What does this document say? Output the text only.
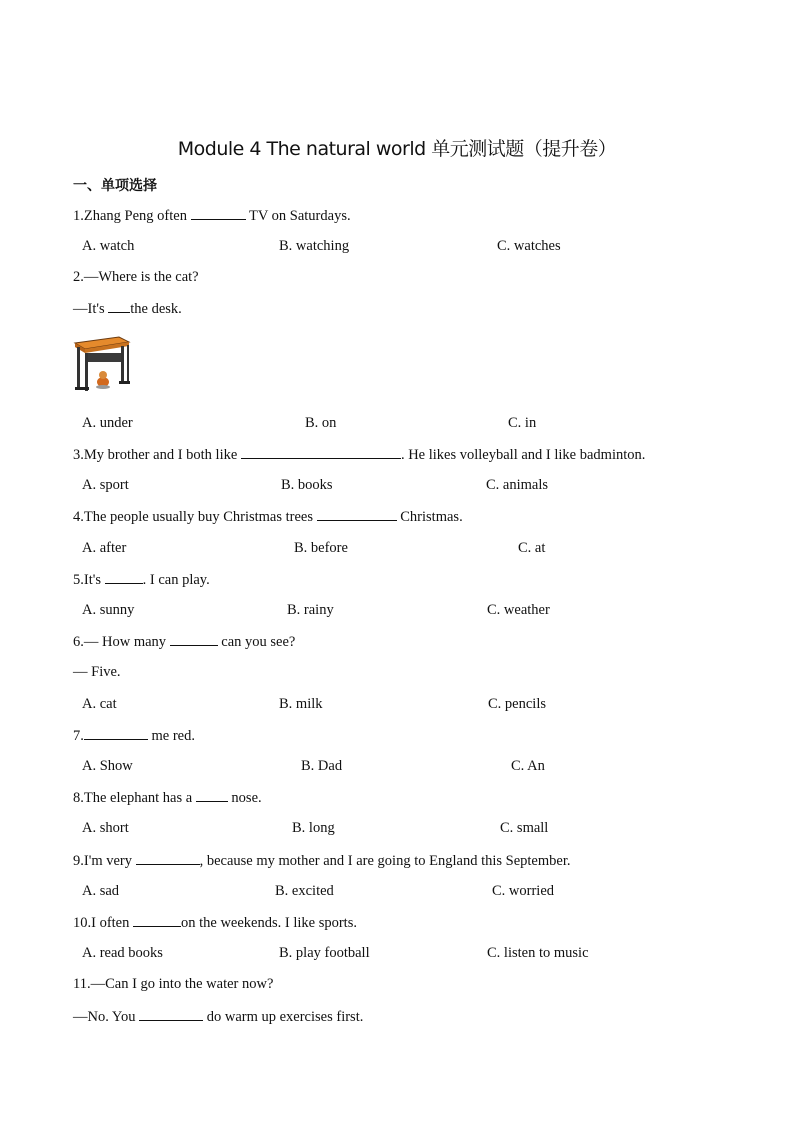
Module 4 The natural world 单元测试题（提升卷）
一、单项选择
1.Zhang Peng often	TV on Saturdays.
A. watch	B. watching	C. watches
2.—Where is the cat?
—It's the desk.
A. under	B. on	C. in
3.My brother and I both like	. He likes volleyball and I like badminton.
A. sport	B. books	C. animals
4.The people usually buy Christmas trees	Christmas.
A. after	B. before	C. at
5.It's	. I can play.
A. sunny	B. rainy	C. weather
6.— How many	can you see?
— Five.
A. cat	B. milk	C. pencils
7.	me red.
A. Show	B. Dad	C. An
8.The elephant has a  nose.
A. short	B. long	C. small
9.I'm very	, because my mother and I are going to England this September.
A. sad	B. excited	C. worried
10.I often	on the weekends. I like sports.
A. read books	B. play football	C. listen to music
11.—Can I go into the water now?
—No. You	do warm up exercises first.
